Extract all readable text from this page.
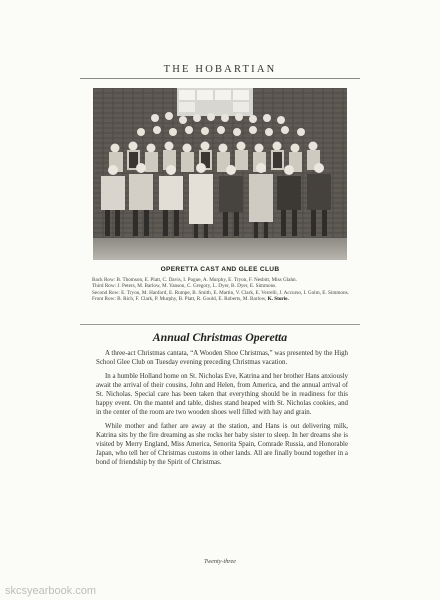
THE HOBARTIAN
OPERETTA CAST AND GLEE CLUB

Back Row: B. Thomson, E. Platt, C. Davis, I. Pogue, A. Murphy, E. Tryon, F. Nesbitt, Miss Glahn.

Third Row: J. Peters, M. Barlow, M. Yanson, C. Gregory, L. Dyer, B. Dyer, E. Simmons.

Second Row: E. Tryon, M. Hanford, E. Rumpe, B. Smith, E. Martin, V. Clark, E. Verrelli, J. Accurso, I. Golm, E. Simmons.

Front Row: B. Rich, F. Clark, P. Murphy, B. Platt, R. Gould, E. Roberts, M. Barlow, K. Storie.

Annual Christmas Operetta

A three-act Christmas cantata, “A Wooden Shoe Christmas,” was presented by the High School Glee Club on Tuesday evening preceding Christmas vacation.

In a humble Holland home on St. Nicholas Eve, Katrina and her brother Hans anxiously await the arrival of their cousins, John and Helen, from America, and the annual arrival of St. Nicholas. Special care has been taken that everything should be in readiness for this happy event. On the mantel and table, dishes stand heaped with St. Nicholas cookies, and in the center of the room are two wooden shoes well filled with hay and grain.

While mother and father are away at the station, and Hans is out delivering milk, Katrina sits by the fire dreaming as she rocks her baby sister to sleep. In her dreams she is visited by Merry England, Miss America, Senorita Spain, Comrade Russia, and Honorable Japan, who tell her of Christmas customs in other lands. All are finally bound together in a bond of friendship by the Spirit of Christmas.

Twenty-three
skcsyearbook.com
